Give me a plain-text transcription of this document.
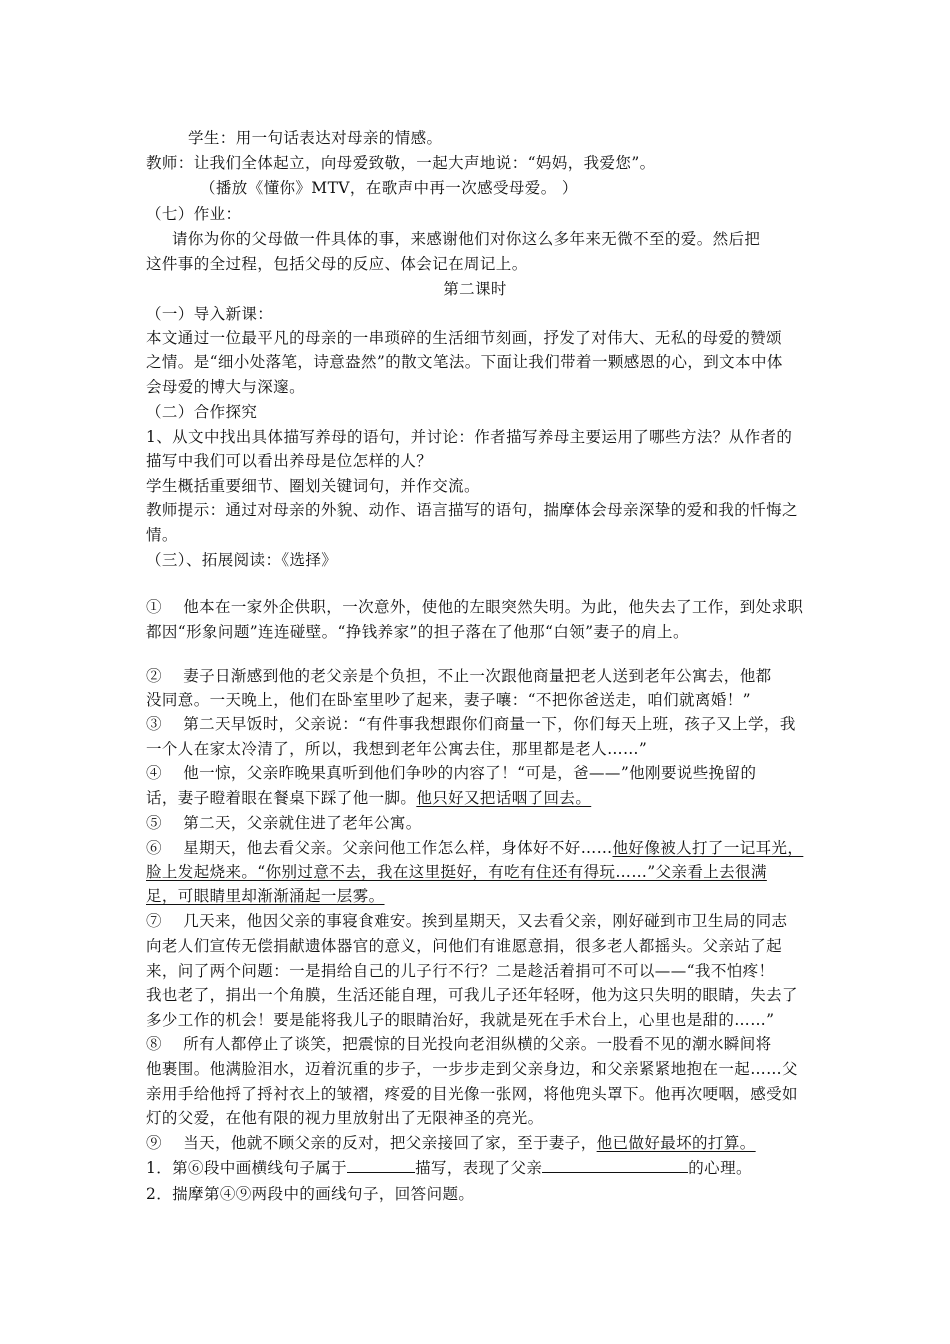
学生：用一句话表达对母亲的情感。
教师：让我们全体起立，向母爱致敬，一起大声地说：“妈妈，我爱您”。
（播放《懂你》MTV，在歌声中再一次感受母爱。 ）
（七）作业：
请你为你的父母做一件具体的事，来感谢他们对你这么多年来无微不至的爱。然后把
这件事的全过程，包括父母的反应、体会记在周记上。
第二课时
（一）导入新课：
本文通过一位最平凡的母亲的一串琐碎的生活细节刻画，抒发了对伟大、无私的母爱的赞颂
之情。是“细小处落笔，诗意盎然”的散文笔法。下面让我们带着一颗感恩的心，到文本中体
会母爱的博大与深邃。
（二）合作探究
1、从文中找出具体描写养母的语句，并讨论：作者描写养母主要运用了哪些方法？从作者的
描写中我们可以看出养母是位怎样的人？
学生概括重要细节、圈划关键词句，并作交流。
教师提示：通过对母亲的外貌、动作、语言描写的语句，揣摩体会母亲深挚的爱和我的忏悔之
情。
（三）、拓展阅读：《选择》
①    他本在一家外企供职，一次意外，使他的左眼突然失明。为此，他失去了工作，到处求职
都因“形象问题”连连碰壁。“挣钱养家”的担子落在了他那“白领”妻子的肩上。
②    妻子日渐感到他的老父亲是个负担，不止一次跟他商量把老人送到老年公寓去，他都
没同意。一天晚上，他们在卧室里吵了起来，妻子嚷：“不把你爸送走，咱们就离婚！”
③    第二天早饭时，父亲说：“有件事我想跟你们商量一下，你们每天上班，孩子又上学，我
一个人在家太冷清了，所以，我想到老年公寓去住，那里都是老人……”
④    他一惊，父亲昨晚果真听到他们争吵的内容了！“可是，爸——”他刚要说些挽留的
话，妻子瞪着眼在餐桌下踩了他一脚。他只好又把话咽了回去。
⑤    第二天，父亲就住进了老年公寓。
⑥    星期天，他去看父亲。父亲问他工作怎么样，身体好不好……他好像被人打了一记耳光，
脸上发起烧来。“你别过意不去，我在这里挺好，有吃有住还有得玩……”父亲看上去很满
足，可眼睛里却渐渐涌起一层雾。
⑦    几天来，他因父亲的事寝食难安。挨到星期天，又去看父亲，刚好碰到市卫生局的同志
向老人们宣传无偿捐献遗体器官的意义，问他们有谁愿意捐，很多老人都摇头。父亲站了起
来，问了两个问题：一是捐给自己的儿子行不行？二是趁活着捐可不可以——“我不怕疼！
我也老了，捐出一个角膜，生活还能自理，可我儿子还年轻呀，他为这只失明的眼睛，失去了
多少工作的机会！要是能将我儿子的眼睛治好，我就是死在手术台上，心里也是甜的……”
⑧    所有人都停止了谈笑，把震惊的目光投向老泪纵横的父亲。一股看不见的潮水瞬间将
他裹围。他满脸泪水，迈着沉重的步子，一步步走到父亲身边，和父亲紧紧地抱在一起……父
亲用手给他捋了捋衬衣上的皱褶，疼爱的目光像一张网，将他兜头罩下。他再次哽咽，感受如
灯的父爱，在他有限的视力里放射出了无限神圣的亮光。
⑨    当天，他就不顾父亲的反对，把父亲接回了家，至于妻子，他已做好最坏的打算。
1．第⑥段中画横线句子属于	描写，表现了父亲	的心理。
2．揣摩第④⑨两段中的画线句子，回答问题。
